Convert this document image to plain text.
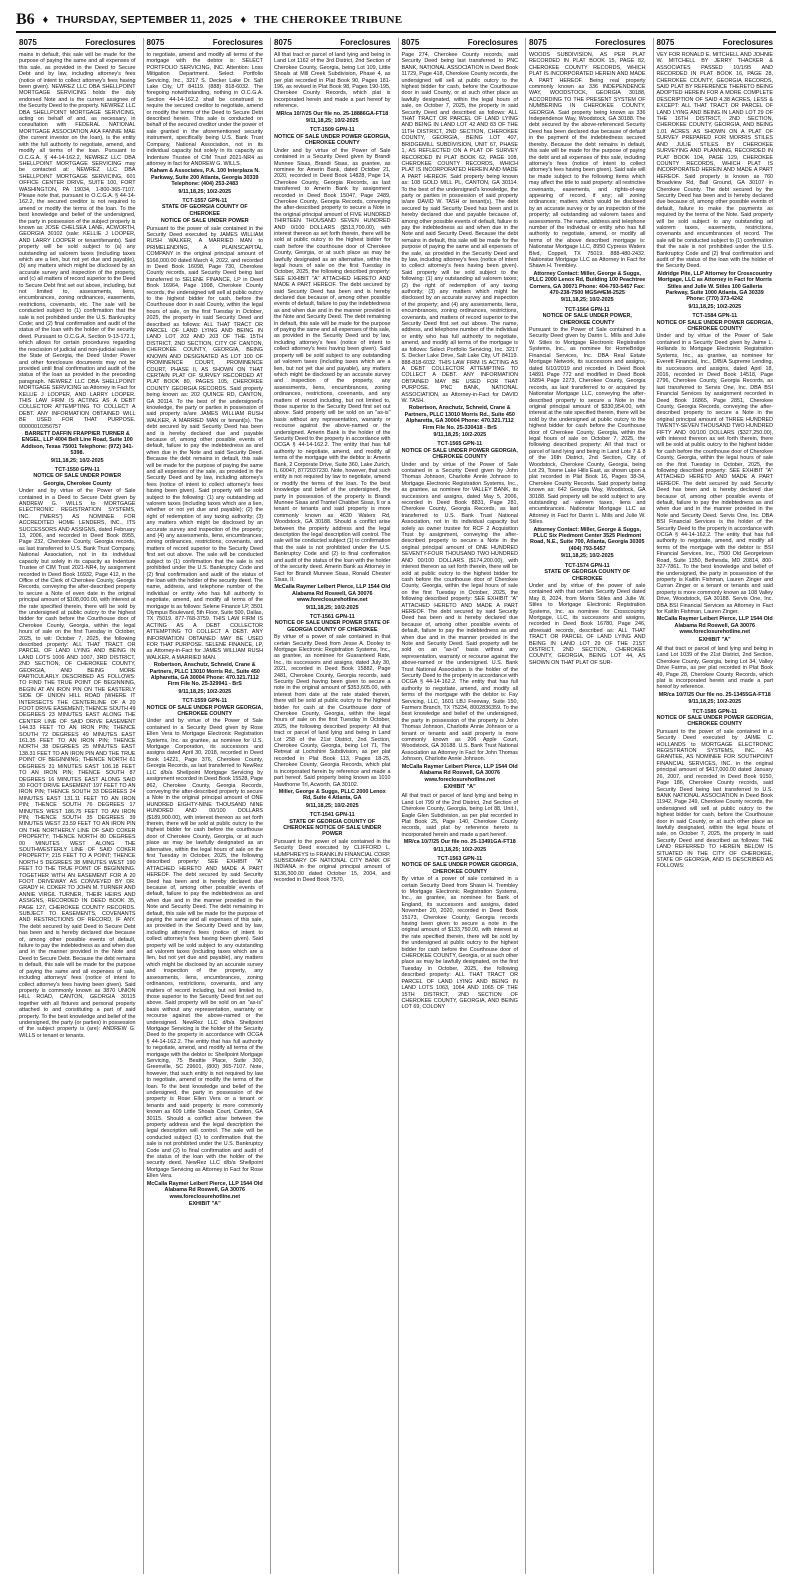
B6 ♦ THURSDAY, SEPTEMBER 11, 2025 ♦ THE CHEROKEE TRIBUNE
8075	Foreclosures
mains in default, this sale will be made for the purpose of paying the same and all expenses of this sale, as provided in the Deed to Secure Debt and by law, including attorney's fees (notice of intent to collect attorney's fees having been given). NEWREZ LLC DBA SHELLPOINT MORTGAGE SERVICING holds the duly endorsed Note and is the current assignee of the Security Deed to the property. NEWREZ LLC DBA SHELLPOINT MORTGAGE SERVICING, acting on behalf of and, as necessary, in consultation with FEDERAL NATIONAL MORTGAGE ASSOCIATION AKA FANNIE MAE (the current investor on the loan), is the entity with the full authority to negotiate, amend, and modify all terms of the loan. Pursuant to O.C.G.A. § 44-14-162.2, NEWREZ LLC DBA SHELLPOINT MORTGAGE SERVICING may be contacted at: NEWREZ LLC DBA SHELLPOINT MORTGAGE SERVICING, 601 OFFICE CENTER DRIVE, SUITE 100, FORT WASHINGTON, PA 19034, 1-800-365-7107. Please note that, pursuant to O.C.G.A. § 44-14-162.2, the secured creditor is not required to amend or modify the terms of the loan. To the best knowledge and belief of the undersigned, the party in possession of the subject property is known as JOSE CHELSEA LANE, ACWORTH, GEORGIA 30102 (sale: KELLIE J LOOPER, AND LARRY LOOPER or tenant/tenants). Said property will be sold subject to (a) any outstanding ad valorem taxes (including taxes which are a lien, but not yet due and payable), (b) any matters which might be disclosed by an accurate survey and inspection of the property, and (c) all matters of record superior to the Deed to Secure Debt first set out above, including, but not limited to, assessments, liens, encumbrances, zoning ordinances, easements, restrictions, covenants, etc. The sale will be conducted subject to (1) confirmation that the sale is not prohibited under the U.S. Bankruptcy Code; and (2) final confirmation and audit of the status of the loan with the holder of the security deed. Pursuant to O.C.G.A. Section 9-13-172.1, which allows for certain procedures regarding the rescission of judicial and non-judicial sales in the State of Georgia, the Deed Under Power and other foreclosure documents may not be provided until final confirmation and audit of the status of the loan as provided in the preceding paragraph. NEWREZ LLC DBA SHELLPOINT MORTGAGE SERVICING as Attorney in Fact for KELLIE J LOOPER, AND LARRY LOOPER. THIS LAW FIRM IS ACTING AS A DEBT COLLECTOR ATTEMPTING TO COLLECT A DEBT. ANY INFORMATION OBTAINED WILL BE USED FOR THAT PURPOSE. 00000010356757
BARRETT DAFFIN FRAPPIER TURNER & ENGEL, LLP 4004 Belt Line Road, Suite 100 Addison, Texas 75001 Telephone: (972) 341-5398.
9/11,18,25; 10/2-2025
TCT-1550 GPN-11
NOTICE OF SALE UNDER POWER
Georgia, Cherokee County
Under and by virtue of the Power of Sale contained in a Deed to Secure Debt given by ANDREW G. WILLS to MORTGAGE ELECTRONIC REGISTRATION SYSTEMS, INC. ("MERS") AS NOMINEE FOR ACCREDITED HOME LENDERS, INC., ITS SUCCESSORS AND ASSIGNS, dated February 13, 2006, and recorded in Deed Book 8955, Page 232, Cherokee County, Georgia records, as last transferred to U.S. Bank Trust Company, National Association, not in its individual capacity but solely in its capacity as Indenture Trustee of CIM Trust 2021-NR4, by assignment recorded in Deed Book 16932, Page 412, in the Office of the Clerk of Cherokee County, Georgia Records, conveying the after-described property to secure a Note of even date in the original principal amount of $108,000.00, with interest at the rate specified therein, there will be sold by the undersigned at public outcry to the highest bidder for cash before the Courthouse door of Cherokee County, Georgia, within the legal hours of sale on the first Tuesday in October, 2025, to wit: October 7, 2025, the following described property: ALL THAT TRACT OR PARCEL OF LAND LYING AND BEING IN LAND LOTS 1006 AND 1007, 3RD DISTRICT, 2ND SECTION, OF CHEROKEE COUNTY, GEORGIA, AND BEING MORE PARTICULARLY DESCRIBED AS FOLLOWS: TO FIND THE TRUE POINT OF BEGINNING, BEGIN AT AN IRON PIN ON THE EASTERLY SIDE OF UNION HILL ROAD (WHERE IT INTERSECTS THE CENTERLINE OF A 20 FOOT DRIVE EASEMENT; THENCE SOUTH 49 DEGREES 23 MINUTES EAST ALONG THE CENTER LINE OF SAID DRIVE EASEMENT 144.33 FEET TO AN IRON PIN; THENCE SOUTH 72 DEGREES 49 MINUTES EAST 161.35 FEET TO AN IRON PIN; THENCE NORTH 38 DEGREES 25 MINUTES EAST 138.31 FEET TO AN IRON PIN AND THE TRUE POINT OF BEGINNING; THENCE NORTH 61 DEGREES 31 MINUTES EAST 106.18 FEET TO AN IRON PIN; THENCE SOUTH 87 DEGREES 16 MINUTES EAST ALONG SAID 30 FOOT DRIVE EASEMENT 197 FEET TO AN IRON PIN; THENCE SOUTH 33 DEGREES 24 MINUTES EAST 131.11 FEET TO AN IRON PIN; THENCE SOUTH 76 DEGREES 17 MINUTES WEST 186.75 FEET TO AN IRON PIN; THENCE SOUTH 35 DEGREES 39 MINUTES WEST 23.59 FEET TO AN IRON PIN ON THE NORTHERLY LINE OF SAID COKER PROPERTY; THENCE NORTH 80 DEGREES 00 MINUTES WEST ALONG THE SOUTHWESTERLY LINE OF SAID COKER PROPERTY; 215 FEET TO A POINT; THENCE NORTH 5 DEGREES 38 MINUTES WEST 190 FEET TO THE TRUE POINT OF BEGINNING. TOGETHER WITH AN EASEMENT FOR A 20 FOOT DRIVEWAY AS CONVEYED BY DR. GRADY H. COKER TO JOHN M. TURNER AND ANNIE VIRGIL TURNER, THEIR HEIRS AND ASSIGNS, RECORDED IN DEED BOOK 35, PAGE 127, CHEROKEE COUNTY RECORDS. SUBJECT TO EASEMENTS, COVENANTS AND RESTRICTIONS OF RECORD, IF ANY. The debt secured by said Deed to Secure Debt has been and is hereby declared due because of, among other possible events of default, failure to pay the indebtedness as and when due and in the manner provided in the Note and Deed to Secure Debt. Because the debt remains in default, this sale will be made for the purpose of paying the same and all expenses of sale, including attorneys' fees (notice of intent to collect attorney's fees having been given). Said property is commonly known as 3870 UNION HILL ROAD, CANTON, GEORGIA 30115 together with all fixtures and personal property attached to and constituting a part of said property. To the best knowledge and belief of the undersigned, the party (or parties) in possession of the subject property is (are): ANDREW G. WILLS or tenant or tenants.
8075	Foreclosures
to negotiate, amend and modify all terms of the mortgage with the debtor is: SELECT PORTFOLIO SERVICING, INC. Attention: Loss Mitigation Department. Select Portfolio Servicing, Inc., 3217 S. Decker Lake Dr. Salt Lake City, UT 84119. (888) 818-6032. The foregoing notwithstanding, nothing in O.C.G.A. Section 44-14-162.2 shall be construed to require the secured creditor to negotiate, amend or modify the terms of the Deed to Secure Debt described herein. This sale is conducted on behalf of the secured creditor under the power of sale granted in the aforementioned security instrument, specifically being U.S. Bank Trust Company, National Association, not in its individual capacity but solely in its capacity as Indenture Trustee of CIM Trust 2021-NR4 as attorney in fact for ANDREW G. WILLS.
Kaham & Associates, P.A. 100 Interplaza N. Parkway, Suite 200 Atlanta, Georgia 30339 Telephone: (404) 253-2483
9/11,18,25; 10/2-2025
TCT-1557 GPN-11
STATE OF GEORGIA COUNTY OF CHEROKEE
NOTICE OF SALE UNDER POWER
Pursuant to the power of sale contained in the Security Deed executed by JAMES WILLIAM RUSH WALKER, A MARRIED MAN to PRIMELENDING, A PLAINSCAPITAL COMPANY in the original principal amount of $166,000.00 dated March 4, 2022, and recorded in Deed Book 16098, Page 730, Cherokee County records, said Security Deed being last transferred to SELENE FINANCE, LP in Deed Book 16964, Page 1998, Cherokee County records, the undersigned will sell at public outcry to the highest bidder for cash, before the Courthouse door in said County, within the legal hours of sale, on the first Tuesday in October, 2025, the property in said Security Deed and described as follows: ALL THAT TRACT OR PARCEL OF LAND LYING AND BEING IN LAND LOT 202 AND 203 OF THE 15TH DISTRICT, 2ND SECTION, CITY OF CANTON, CHEROKEE COUNTY, GEORGIA, BEING KNOWN AND DESIGNATED AS LOT 100 OF PROMINENCE COURT, PROMINENCE COURT, PHASE II, AS SHOWN ON THAT CERTAIN PLAT OF SURVEY RECORDED AT PLAT BOOK 80, PAGES 105, CHEROKEE COUNTY GEORGIA RECORDS. Said property being known as: 202 QUINCE RD, CANTON, GA 30114. To the best of the undersigned's knowledge, the party or parties in possession of said property is/are JAMES WILLIAM RUSH WALKER, A MARRIED MAN or tenant(s). The debt secured by said Security Deed has been and is hereby declared due and payable because of, among other possible events of default, failure to pay the indebtedness as and when due in the Note and said Security Deed. Because the debt remains in default, this sale will be made for the purpose of paying the same and all expenses of the sale, as provided in the Security Deed and by law, including attorney's fees (notice of intent to collect attorney's fees having been given). Said property will be sold subject to the following: (1) any outstanding ad valorem taxes (including taxes which are a lien, whether or not yet due and payable); (2) the right of redemption of any taxing authority; (3) any matters which might be disclosed by an accurate survey and inspection of the property; and (4) any assessments, liens, encumbrances, zoning ordinances, restrictions, covenants, and matters of record superior to the Security Deed first set out above. The sale will be conducted subject to (1) confirmation that the sale is not prohibited under the U.S. Bankruptcy Code and (2) final confirmation and audit of the status of the loan with the holder of the security deed. The name, address, and telephone number of the individual or entity who has full authority to negotiate, amend, and modify all terms of the mortgage is as follows: Selene Finance LP, 3501 Olympus Boulevard, 5th Floor, Suite 500, Dallas, TX 75019. 877-768-3759. THIS LAW FIRM IS ACTING AS A DEBT COLLECTOR ATTEMPTING TO COLLECT A DEBT. ANY INFORMATION OBTAINED MAY BE USED FOR THAT PURPOSE. SELENE FINANCE, LP, as Attorney-in-Fact for JAMES WILLIAM RUSH WALKER, A MARRIED MAN.
Robertson, Anschutz, Schneid, Crane & Partners, PLLC 13010 Morris Rd., Suite 450 Alpharetta, GA 30004 Phone: 470.321.7112 Firm File No. 25-329941 - BrS
9/11,18,25; 10/2-2025
TCT-1559 GPN-11
NOTICE OF SALE UNDER POWER GEORGIA, CHEROKEE COUNTY
Under and by virtue of the Power of Sale contained in a Security Deed given by Rose Ellen Vera to Mortgage Electronic Registration Systems, Inc. as grantee, as nominee for U.S. Mortgage Corporation, its successors and assigns dated April 30, 2018, recorded in Deed Book 14221, Page 376, Cherokee County, Georgia Records, as last transferred to NewRez LLC d/b/a Shellpoint Mortgage Servicing by assignment recorded in Deed Book 15528, Page 862, Cherokee County, Georgia Records, conveying the after-described property to secure a Note in the original principal amount of ONE HUNDRED EIGHTY-NINE THOUSAND NINE HUNDRED AND 00/100 DOLLARS ($189,900.00), with interest thereon as set forth therein, there will be sold at public outcry to the highest bidder for cash before the courthouse door of Cherokee County, Georgia, or at such place as may be lawfully designated as an alternative, within the legal hours of sale on the first Tuesday in October, 2025, the following described property: SEE EXHIBIT "A" ATTACHED HERETO AND MADE A PART HEREOF. The debt secured by said Security Deed has been and is hereby declared due because of, among other possible events of default, failure to pay the indebtedness as and when due and in the manner provided in the Note and Security Deed. The debt remaining in default, this sale will be made for the purpose of paying the same and all expenses of this sale, as provided in the Security Deed and by law, including attorney's fees (notice of intent to collect attorney's fees having been given). Said property will be sold subject to any outstanding ad valorem taxes (including taxes which are a lien, but not yet due and payable), any matters which might be disclosed by an accurate survey and inspection of the property, any assessments, liens, encumbrances, zoning ordinances, restrictions, covenants, and any matters of record including, but not limited to, those superior to the Security Deed first set out above. Said property will be sold on an "as-is" basis without any representation, warranty or recourse against the above-named or the undersigned. NewRez LLC d/b/a Shellpoint Mortgage Servicing is the holder of the Security Deed to the property in accordance with OCGA § 44-14-162.2. The entity that has full authority to negotiate, amend, and modify all terms of the mortgage with the debtor is: Shellpoint Mortgage Servicing, 75 Beattie Place, Suite 300, Greenville, SC 29601, (800) 365-7107. Note, however, that such entity is not required by law to negotiate, amend or modify the terms of the loan. To the best knowledge and belief of the undersigned, the party in possession of the property is Rose Ellen Vera or a tenant or tenants and said property is more commonly known as 609 Little Shoals Court, Canton, GA 30115. Should a conflict arise between the property address and the legal description the legal description will control. The sale will be conducted subject (1) to confirmation that the sale is not prohibited under the U.S. Bankruptcy Code and (2) to final confirmation and audit of the status of the loan with the holder of the security deed. NewRez LLC d/b/a Shellpoint Mortgage Servicing as Attorney in Fact for Rose Ellen Vera.
McCalla Raymer Leibert Pierce, LLP 1544 Old Alabama Rd Roswell, GA 30076 www.foreclosurehotline.net
EXHIBIT "A"
8075	Foreclosures
All that tract or parcel of land lying and being in Land Lot 1162 of the 3rd District, 2nd Section of Cherokee County, Georgia, being Lot 109, Little Shoals at Mill Creek Subdivision, Phase 4, as per plat recorded in Plat Book 90, Pages 181-196, as revised in Plat Book 98, Pages 190-195, Cherokee County Records, which plat is incorporated herein and made a part hereof by reference.
MR/ca 10/7/25 Our file no. 25-18886GA-FT18
9/11,18,25; 10/2-2025
TCT-1509 GPN-11
NOTICE OF SALE UNDER POWER GEORGIA, CHEROKEE COUNTY
Under and by virtue of the Power of Sale contained in a Security Deed given by Brandi Munnee Sisas, Brandi Sisas, as grantee, as nominee for Amerin Bank, dated October 21, 2020, recorded in Deed Book 14828, Page 14, Cherokee County, Georgia Records, as last transferred to Amerin Bank by assignment recorded in Deed Book 15047, Page 2489, Cherokee County, Georgia Records, conveying the after-described property to secure a Note in the original principal amount of FIVE HUNDRED THIRTEEN THOUSAND SEVEN HUNDRED AND 0/100 DOLLARS ($513,700.00), with interest thereon as set forth therein, there will be sold at public outcry to the highest bidder for cash before the courthouse door of Cherokee County, Georgia, or at such place as may be lawfully designated as an alternative, within the legal hours of sale on the first Tuesday in October, 2025, the following described property: SEE EXHIBIT "A" ATTACHED HERETO AND MADE A PART HEREOF. The debt secured by said Security Deed has been and is hereby declared due because of, among other possible events of default, failure to pay the indebtedness as and when due and in the manner provided in the Note and Security Deed. The debt remaining in default, this sale will be made for the purpose of paying the same and all expenses of this sale, as provided in the Security Deed and by law, including attorney's fees (notice of intent to collect attorney's fees having been given). Said property will be sold subject to any outstanding ad valorem taxes (including taxes which are a lien, but not yet due and payable), any matters which might be disclosed by an accurate survey and inspection of the property, any assessments, liens, encumbrances, zoning ordinances, restrictions, covenants, and any matters of record including, but not limited to, those superior to the Security Deed first set out above. Said property will be sold on an "as-is" basis without any representation, warranty or recourse against the above-named or the undersigned. Amerin Bank is the holder of the Security Deed to the property in accordance with OCGA § 44-14-162.2. The entity that has full authority to negotiate, amend, and modify all terms of the mortgage with the debtor is: Amerin Bank, 2 Corporate Drive, Suite 360, Lake Zurich, IL 60047, 8772037230. Note, however, that such entity is not required by law to negotiate, amend or modify the terms of the loan. To the best knowledge and belief of the undersigned, the party in possession of the property is Brandi Munnee Sisas and Trantel Chabbet Sisas, II or a tenant or tenants and said property is more commonly known as 4630 Waters Rd, Woodstock, GA 30188. Should a conflict arise between the property address and the legal description the legal description will control. The sale will be conducted subject (1) to confirmation that the sale is not prohibited under the U.S. Bankruptcy Code and (2) to final confirmation and audit of the status of the loan with the holder of the security deed. Amerin Bank as Attorney in Fact for Brandi Munnee Sisas, Ronald Chester Sisas, II.
McCalla Raymer Leibert Pierce, LLP 1544 Old Alabama Rd Roswell, GA 30076 www.foreclosurehotline.net
9/11,18,25; 10/2-2025
TCT-1561 GPN-11
NOTICE OF SALE UNDER POWER STATE OF GEORGIA COUNTY OF CHEROKEE
By virtue of a power of sale contained in that certain Security Deed from Jesse A. Dooley to Mortgage Electronic Registration Systems, Inc., as grantee, as nominee for Guaranteed Rate, Inc., its successors and assigns, dated July 30, 2021, recorded in Deed Book 15882, Page 2481, Cherokee County, Georgia records, said Security Deed having been given to secure a note in the original amount of $353,605.00, with interest from date at the rate stated therein, there will be sold at public outcry to the highest bidder for cash at the Courthouse door of Cherokee County, Georgia, within the legal hours of sale on the first Tuesday in October, 2025, the following described property: All that tract or parcel of land lying and being in Land Lot 258 of the 21st District, 2nd Section, Cherokee County, Georgia, being Lot 71, The Retreat at Lochshire Subdivision, as per plat recorded in Plat Book 113, Pages 18-25, Cherokee County, Georgia Records, which plat is incorporated herein by reference and made a part hereof. Said property being known as 1010 Hawthorne Trl, Acworth, GA 30102.
Miller, George & Suggs, PLLC 2000 Lenox Rd, Suite 4 Atlanta, GA
9/11,18,25; 10/2-2025
TCT-1541 GPN-11
STATE OF GEORGIA COUNTY OF CHEROKEE NOTICE OF SALE UNDER POWER
Pursuant to the power of sale contained in the Security Deed executed by CLIFFORD L. HUMPHREYS to FRANKLIN FINANCIAL CORP, SUBSIDIARY OF NATIONAL CITY BANK OF INDIANA in the original principal amount of $136,300.00 dated October 15, 2004, and recorded in Deed Book 7570,
8075	Foreclosures
Page 274, Cherokee County records, said Security Deed being last transferred to PNC BANK, NATIONAL ASSOCIATION in Deed Book 11729, Page 418, Cherokee County records, the undersigned will sell at public outcry to the highest bidder for cash, before the Courthouse door in said County, or at such other place as lawfully designated, within the legal hours of sale, on October 7, 2025, the property in said Security Deed and described as follows: ALL THAT TRACT OR PARCEL OF LAND LYING AND BEING IN LAND LOT 42 AND 83 OF THE 11TH DISTRICT, 2ND SECTION, CHEROKEE COUNTY, GEORGIA, BEING LOT 407, BRIDGEMILL SUBDIVISION, UNIT 67, PHASE 1, AS REFLECTED ON A PLAT OF SURVEY RECORDED IN PLAT BOOK 62, PAGE 108, CHEROKEE COUNTY RECORDS, WHICH PLAT IS INCORPORATED HEREIN AND MADE A PART HEREOF. Said property being known as: 108 GOLD MILL PL, CANTON, GA 30114. To the best of the undersigned's knowledge, the party or parties in possession of said property is/are DAVID W. TASH or tenant(s). The debt secured by said Security Deed has been and is hereby declared due and payable because of, among other possible events of default, failure to pay the indebtedness as and when due in the Note and said Security Deed. Because the debt remains in default, this sale will be made for the purpose of paying the same and all expenses of the sale, as provided in the Security Deed and by law, including attorney's fees (notice of intent to collect attorney's fees having been given). Said property will be sold subject to the following: (1) any outstanding ad valorem taxes; (2) the right of redemption of any taxing authority; (3) any matters which might be disclosed by an accurate survey and inspection of the property; and (4) any assessments, liens, encumbrances, zoning ordinances, restrictions, covenants, and matters of record superior to the Security Deed first set out above. The name, address, and telephone number of the individual or entity who has full authority to negotiate, amend, and modify all terms of the mortgage is as follows: Select Portfolio Servicing, Inc. 3217 S. Decker Lake Drive, Salt Lake City, UT 84119. 888-818-6032. THIS LAW FIRM IS ACTING AS A DEBT COLLECTOR ATTEMPTING TO COLLECT A DEBT. ANY INFORMATION OBTAINED MAY BE USED FOR THAT PURPOSE. PNC BANK, NATIONAL ASSOCIATION, as Attorney-in-Fact for DAVID W. TASH.
Robertson, Anschutz, Schneid, Crane & Partners, PLLC 13010 Morris Rd., Suite 450 Alpharetta, GA 30004 Phone: 470.321.7112 Firm File No. 25-330418 - BrS
9/11,18,25; 10/2-2025
TCT-1565 GPN-11
NOTICE OF SALE UNDER POWER GEORGIA, CHEROKEE COUNTY
Under and by virtue of the Power of Sale contained in a Security Deed given by John Thomas Johnson, Charlotte Annie Johnson to Mortgage Electronic Registration Systems, Inc., as grantee, as nominee for VALLEY BANK, its successors and assigns, dated May 5, 2006, recorded in Deed Book 8831, Page 281, Cherokee County, Georgia Records, as last transferred to U.S. Bank Trust National Association, not in its individual capacity but solely as owner trustee for RCF 2 Acquisition Trust by assignment, conveying the after-described property to secure a Note in the original principal amount of ONE HUNDRED SEVENTY-FOUR THOUSAND TWO HUNDRED AND 00/100 DOLLARS ($174,200.00), with interest thereon as set forth therein, there will be sold at public outcry to the highest bidder for cash before the courthouse door of Cherokee County, Georgia, within the legal hours of sale on the first Tuesday in October, 2025, the following described property: SEE EXHIBIT "A" ATTACHED HERETO AND MADE A PART HEREOF. The debt secured by said Security Deed has been and is hereby declared due because of, among other possible events of default, failure to pay the indebtedness as and when due and in the manner provided in the Note and Security Deed. Said property will be sold on an "as-is" basis without any representation, warranty or recourse against the above-named or the undersigned. U.S. Bank Trust National Association is the holder of the Security Deed to the property in accordance with OCGA § 44-14-162.2. The entity that has full authority to negotiate, amend, and modify all terms of the mortgage with the debtor is: Fay Servicing, LLC, 1601 LBJ Freeway, Suite 150, Farmers Branch, TX 75234, 8002836359. To the best knowledge and belief of the undersigned, the party in possession of the property is John Thomas Johnson, Charlotte Annie Johnson or a tenant or tenants and said property is more commonly known as 206 Apple Court, Woodstock, GA 30188. U.S. Bank Trust National Association as Attorney in Fact for John Thomas Johnson, Charlotte Annie Johnson.
McCalla Raymer Leibert Pierce, LLP 1544 Old Alabama Rd Roswell, GA 30076 www.foreclosurehotline.net
EXHIBIT "A"
All that tract or parcel of land lying and being in Land Lot 799 of the 2nd District, 2nd Section of Cherokee County, Georgia, being Lot 88, Unit I, Eagle Glen Subdivision, as per plat recorded in Plat Book 25, Page 140, Cherokee County records, said plat by reference hereto is incorporated herein and made a part hereof.
MR/ca 10/7/25 Our file no. 25-13491GA-FT18
9/11,18,25; 10/2-2025
TCT-1563 GPN-11
NOTICE OF SALE UNDER POWER GEORGIA, CHEROKEE COUNTY
By virtue of a power of sale contained in a certain Security Deed from Shawn H. Trembley to Mortgage Electronic Registration Systems, Inc., as grantee, as nominee for Bank of England, its successors and assigns, dated November 20, 2020, recorded in Deed Book 15173, Cherokee County, Georgia records having been given to secure a note in the original amount of $133,750.00, with interest at the rate specified therein, there will be sold by the undersigned at public outcry to the highest bidder for cash before the Courthouse door of CHEROKEE COUNTY, Georgia, or at such other place as may be lawfully designated, on the first Tuesday in October, 2025, the following described property: ALL THAT TRACT OR PARCEL OF LAND LYING AND BEING IN LAND LOTS 1063, 1064 AND 1065 OF THE 15TH DISTRICT, 2ND SECTION OF CHEROKEE COUNTY, GEORGIA, AND BEING LOT 69, COLONY
8075	Foreclosures
WOODS SUBDIVISION, AS PER PLAT RECORDED IN PLAT BOOK 15, PAGE 82, CHEROKEE COUNTY RECORDS, WHICH PLAT IS INCORPORATED HEREIN AND MADE A PART HEREOF. Being real property commonly known as 336 INDEPENDENCE WAY, WOODSTOCK, GEORGIA 30188, ACCORDING TO THE PRESENT SYSTEM OF NUMBERING IN CHEROKEE COUNTY, GEORGIA. Said property being known as 336 Independence Way, Woodstock, GA 30188. The debt secured by the above-referenced Security Deed has been declared due because of default in the payment of the indebtedness secured thereby. Because the debt remains in default, this sale will be made for the purpose of paying the debt and all expenses of this sale, including attorney's fees (notice of intent to collect attorney's fees having been given). Said sale will be made subject to the following items which may affect the title to said property: all restrictive covenants, easements, and rights-of-way appearing of record, if any; all zoning ordinances; matters which would be disclosed by an accurate survey or by an inspection of the property; all outstanding ad valorem taxes and assessments. The name, address and telephone number of the individual or entity who has full authority to negotiate, amend, or modify all terms of the above described mortgage is: Nationstar Mortgage LLC, 8950 Cypress Waters Blvd, Coppell, TX 75019. 888-480-2432. Nationstar Mortgage LLC as Attorney in Fact for Shawn H. Trembley.
Attorney Contact: Miller, George & Suggs, PLLC 2000 Lenox Rd, Building 100 Peachtree Corners, GA 30071 Phone: 404-793-5457 Fax: 470-238-7500 MGS##EM-2525
9/11,18,25; 10/2-2025
TCT-1564 GPN-11
NOTICE OF SALE UNDER POWER, CHEROKEE COUNTY
Pursuant to the Power of Sale contained in a Security Deed given by Darrin L. Mills and Julie W. Stiles to Mortgage Electronic Registration Systems, Inc., as nominee for HomeBridge Financial Services, Inc. DBA Real Estate Mortgage Network, its successors and assigns, dated 6/10/2019 and recorded in Deed Book 14891 Page 772 and modified in Deed Book 16894 Page 2273, Cherokee County, Georgia records, as last transferred to or acquired by Nationstar Mortgage LLC, conveying the after-described property to secure a Note in the original principal amount of $330,954.00, with interest at the rate specified therein, there will be sold by the undersigned at public outcry to the highest bidder for cash before the Courthouse door of Cherokee County, Georgia, within the legal hours of sale on October 7, 2025, the following described property: All that tract or parcel of land lying and being in Land Lots 7 & 8 of the 16th District, 2nd Section, City of Woodstock, Cherokee County, Georgia, being Lot 29, Towne Lake Hills East, as shown upon a plat recorded in Plat Book 16, Pages 38-34, Cherokee County Records. Said property being known as: 642 Georgia Way, Woodstock, GA 30188. Said property will be sold subject to any outstanding ad valorem taxes, liens and encumbrances. Nationstar Mortgage LLC as Attorney in Fact for Darrin L. Mills and Julie W. Stiles.
Attorney Contact: Miller, George & Suggs, PLLC Six Piedmont Center 3525 Piedmont Road, N.E., Suite 700, Atlanta, Georgia 30305 (404) 793-5457
9/11,18,25; 10/2-2025
TCT-1574 GPN-11
STATE OF GEORGIA COUNTY OF CHEROKEE
Under and by virtue of the power of sale contained with that certain Security Deed dated May 8, 2024, from Morris Stiles and Julie W. Stiles to Mortgage Electronic Registration Systems, Inc. as nominee for Crosscountry Mortgage, LLC, its successors and assigns, recorded in Deed Book 16780, Page 246, aforesaid records, described as: ALL THAT TRACT OR PARCEL OF LAND LYING AND BEING IN LAND LOT 29 OF THE 21ST DISTRICT, 2ND SECTION, CHEROKEE COUNTY, GEORGIA, BEING LOT 44, AS SHOWN ON THAT PLAT OF SUR-
8075	Foreclosures
VEY FOR RONALD E. MITCHELL AND JOHNIE W. MITCHELL BY JERRY THACKER & ASSOCIATES PASSED 10/1/95 AND RECORDED IN PLAT BOOK 16, PAGE 28, CHEROKEE COUNTY, GEORGIA RECORDS, SAID PLAT BY REFERENCE THERETO BEING ADOPTED HEREIN FOR A MORE COMPLETE DESCRIPTION OF SAID 4.38 ACRES, LESS & EXCEPT: ALL THAT TRACT OR PARCEL OF LAND LYING AND BEING IN LAND LOT 29 OF THE 16TH DISTRICT, 2ND SECTION, CHEROKEE COUNTY, GEORGIA, AND BEING 1.01 ACRES AS SHOWN ON A PLAT OF SURVEY PREPARED FOR MORRIS STILES AND JULIE STILES BY CHEROKEE SURVEYING AND PLANNING, RECORDED IN PLAT BOOK 104, PAGE 129, CHEROKEE COUNTY RECORDS, WHICH PLAT IS INCORPORATED HEREIN AND MADE A PART HEREOF. Said property is known as 760 Broadview Rd, Ball Ground, GA 30107 in Cherokee County. The debt secured by the Security Deed has been and is hereby declared due because of, among other possible events of default, failure to make the payments as required by the terms of the Note. Said property will be sold subject to any outstanding ad valorem taxes, easements, restrictions, covenants and encumbrances of record. The sale will be conducted subject to (1) confirmation that the sale is not prohibited under the U.S. Bankruptcy Code and (2) final confirmation and audit of the status of the loan with the holder of the Security Deed.
Aldridge Pite, LLP Attorney for Crosscountry Mortgage, LLC as Attorney in Fact for Morris Stiles and Julie W. Stiles 100 Galleria Parkway, Suite 1000 Atlanta, GA 30339 Phone: (770) 373-4242
9/11,18,25; 10/2-2025
TCT-1584 GPN-11
NOTICE OF SALE UNDER POWER GEORGIA, CHEROKEE COUNTY
Under and by virtue of the Power of Sale contained in a Security Deed given by Jaime L. Hollands to Mortgage Electronic Registration Systems, Inc., as grantee, as nominee for Everett Financial, Inc., D/B/A Supreme Lending, its successors and assigns, dated April 18, 2016, recorded in Deed Book 14518, Page 2796, Cherokee County, Georgia Records, as last transferred to Servis One, Inc. DBA BSI Financial Services by assignment recorded in Deed Book 16865, Page 2851, Cherokee County, Georgia Records, conveying the after-described property to secure a Note in the original principal amount of THREE HUNDRED TWENTY-SEVEN THOUSAND TWO HUNDRED FIFTY AND 00/100 DOLLARS ($327,250.00), with interest thereon as set forth therein, there will be sold at public outcry to the highest bidder for cash before the courthouse door of Cherokee County, Georgia, within the legal hours of sale on the first Tuesday in October, 2025, the following described property: SEE EXHIBIT "A" ATTACHED HERETO AND MADE A PART HEREOF. The debt secured by said Security Deed has been and is hereby declared due because of, among other possible events of default, failure to pay the indebtedness as and when due and in the manner provided in the Note and Security Deed. Servis One, Inc. DBA BSI Financial Services is the holder of the Security Deed to the property in accordance with OCGA § 44-14-162.2. The entity that has full authority to negotiate, amend, and modify all terms of the mortgage with the debtor is: BSI Financial Services, Inc., 7500 Old Georgetown Road, Suite 1350, Bethesda, MD 20814, 800-327-7861. To the best knowledge and belief of the undersigned, the party in possession of the property is Kaitlin Fishman, Lauren Zinger and Curran Zinger or a tenant or tenants and said property is more commonly known as 108 Valley Drive, Woodstock, GA 30188. Servis One, Inc. DBA BSI Financial Services as Attorney in Fact for Kaitlin Fishman, Lauren Zinger.
McCalla Raymer Leibert Pierce, LLP 1544 Old Alabama Rd Roswell, GA 30076 www.foreclosurehotline.net
EXHIBIT "A"
All that tract or parcel of land lying and being in Land Lot 1039 of the 21st District, 2nd Section, Cherokee County, Georgia, being Lot 34, Valley Drive Farms, as per plat recorded in Plat Book 49, Page 28, Cherokee County Records, which plat is incorporated herein and made a part hereof by reference.
MR/ca 10/7/25 Our file no. 25-13455GA-FT18
9/11,18,25; 10/2-2025
TCT-1585 GPN-11
NOTICE OF SALE UNDER POWER GEORGIA, CHEROKEE COUNTY
Pursuant to the power of sale contained in a Security Deed executed by JAIME C. HOLLANDS to MORTGAGE ELECTRONIC REGISTRATION SYSTEMS, INC. AS GRANTEE, AS NOMINEE FOR SOUTHPOINT FINANCIAL SERVICES, INC. in the original principal amount of $417,000.00 dated January 26, 2007, and recorded in Deed Book 9150, Page 186, Cherokee County records, said Security Deed being last transferred to U.S. BANK NATIONAL ASSOCIATION in Deed Book 11942, Page 249, Cherokee County records, the undersigned will sell at public outcry to the highest bidder for cash, before the Courthouse door in said County, or at such other place as lawfully designated, within the legal hours of sale, on October 7, 2025, the property in said Security Deed and described as follows: THE LAND REFERRED TO HEREIN BELOW IS SITUATED IN THE CITY OF CHEROKEE, STATE OF GEORGIA, AND IS DESCRIBED AS FOLLOWS:
